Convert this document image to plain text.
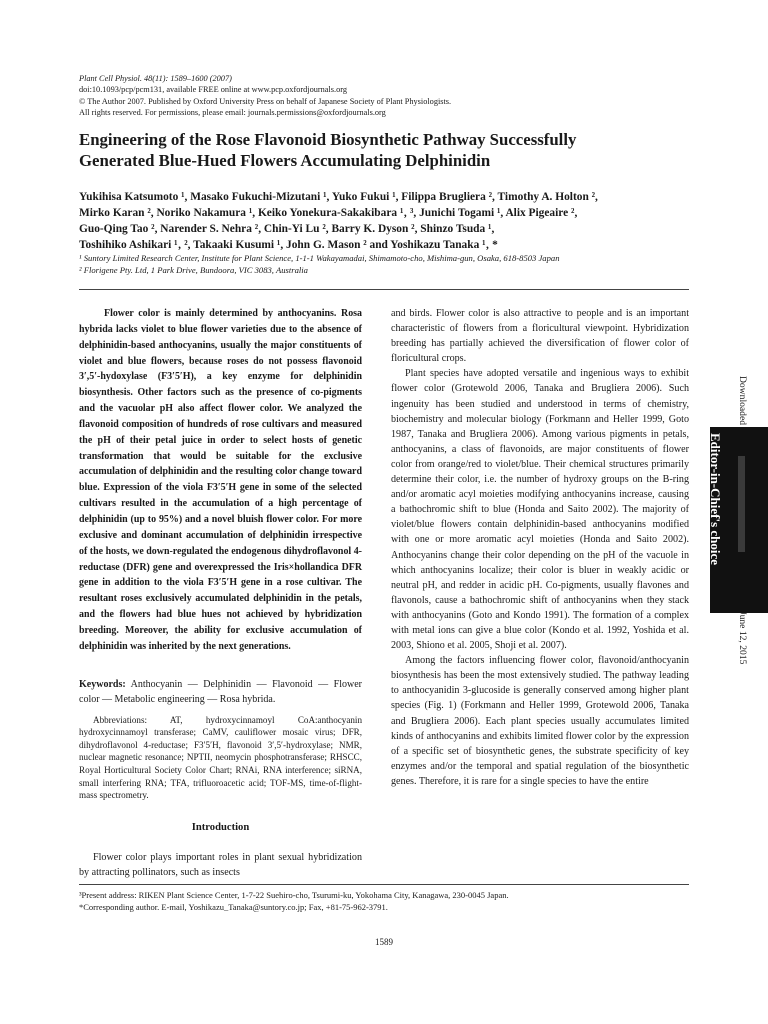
Plant Cell Physiol. 48(11): 1589–1600 (2007)
doi:10.1093/pcp/pcm131, available FREE online at www.pcp.oxfordjournals.org
© The Author 2007. Published by Oxford University Press on behalf of Japanese Society of Plant Physiologists.
All rights reserved. For permissions, please email: journals.permissions@oxfordjournals.org
Engineering of the Rose Flavonoid Biosynthetic Pathway Successfully
Generated Blue-Hued Flowers Accumulating Delphinidin
Yukihisa Katsumoto ¹, Masako Fukuchi-Mizutani ¹, Yuko Fukui ¹, Filippa Brugliera ², Timothy A. Holton ²,
Mirko Karan ², Noriko Nakamura ¹, Keiko Yonekura-Sakakibara ¹‚ ³, Junichi Togami ¹, Alix Pigeaire ²,
Guo-Qing Tao ², Narender S. Nehra ², Chin-Yi Lu ², Barry K. Dyson ², Shinzo Tsuda ¹,
Toshihiko Ashikari ¹‚ ², Takaaki Kusumi ¹, John G. Mason ² and Yoshikazu Tanaka ¹‚ *
¹ Suntory Limited Research Center, Institute for Plant Science, 1-1-1 Wakayamadai, Shimamoto-cho, Mishima-gun, Osaka, 618-8503 Japan
² Florigene Pty. Ltd, 1 Park Drive, Bundoora, VIC 3083, Australia

Flower color is mainly determined by anthocyanins. Rosa hybrida lacks violet to blue flower varieties due to the absence of delphinidin-based anthocyanins, usually the major constituents of violet and blue flowers, because roses do not possess flavonoid 3′,5′-hydoxylase (F3′5′H), a key enzyme for delphinidin biosynthesis. Other factors such as the presence of co-pigments and the vacuolar pH also affect flower color. We analyzed the flavonoid composition of hundreds of rose cultivars and measured the pH of their petal juice in order to select hosts of genetic transformation that would be suitable for the exclusive accumulation of delphinidin and the resulting color change toward blue. Expression of the viola F3′5′H gene in some of the selected cultivars resulted in the accumulation of a high percentage of delphinidin (up to 95%) and a novel bluish flower color. For more exclusive and dominant accumulation of delphinidin irrespective of the hosts, we down-regulated the endogenous dihydroflavonol 4-reductase (DFR) gene and overexpressed the Iris×hollandica DFR gene in addition to the viola F3′5′H gene in a rose cultivar. The resultant roses exclusively accumulated delphinidin in the petals, and the flowers had blue hues not achieved by hybridization breeding. Moreover, the ability for exclusive accumulation of delphinidin was inherited by the next generations.

Keywords: Anthocyanin — Delphinidin — Flavonoid — Flower color — Metabolic engineering — Rosa hybrida.

Abbreviations: AT, hydroxycinnamoyl CoA:anthocyanin hydroxycinnamoyl transferase; CaMV, cauliflower mosaic virus; DFR, dihydroflavonol 4-reductase; F3′5′H, flavonoid 3′,5′-hydroxylase; NMR, nuclear magnetic resonance; NPTII, neomycin phosphotransferase; RHSCC, Royal Horticultural Society Color Chart; RNAi, RNA interference; siRNA, small interfering RNA; TFA, trifluoroacetic acid; TOF-MS, time-of-flight-mass spectrometry.

Introduction

Flower color plays important roles in plant sexual hybridization by attracting pollinators, such as insects

and birds. Flower color is also attractive to people and is an important characteristic of flowers from a floricultural viewpoint. Hybridization breeding has partially achieved the diversification of flower color of floricultural crops.

Plant species have adopted versatile and ingenious ways to exhibit flower color (Grotewold 2006, Tanaka and Brugliera 2006). Such ingenuity has been studied and understood in terms of chemistry, biochemistry and molecular biology (Forkmann and Heller 1999, Goto 1987, Tanaka and Brugliera 2006). Among various pigments in petals, anthocyanins, a class of flavonoids, are major constituents of flower color from orange/red to violet/blue. Their chemical structures primarily determine their color, i.e. the number of hydroxy groups on the B-ring and/or aromatic acyl moieties modifying anthocyanins increase, causing a bathochromic shift to blue (Honda and Saito 2002). The majority of violet/blue flowers contain delphinidin-based anthocyanins modified with one or more aromatic acyl moieties (Honda and Saito 2002). Anthocyanins change their color depending on the pH of the vacuole in which anthocyanins localize; their color is bluer in weakly acidic or neutral pH, and redder in acidic pH. Co-pigments, usually flavones and flavonols, cause a bathochromic shift of anthocyanins when they stack with anthocyanins (Goto and Kondo 1991). The formation of a complex with metal ions can give a blue color (Kondo et al. 1992, Yoshida et al. 2003, Shiono et al. 2005, Shoji et al. 2007).

Among the factors influencing flower color, flavonoid/anthocyanin biosynthesis has been the most extensively studied. The pathway leading to anthocyanidin 3-glucoside is generally conserved among higher plant species (Fig. 1) (Forkmann and Heller 1999, Grotewold 2006, Tanaka and Brugliera 2006). Each plant species usually accumulates limited kinds of anthocyanins and exhibits limited flower color by the expression of a specific set of biosynthetic genes, the substrate specificity of key enzymes and/or the temporal and spatial regulation of the biosynthetic genes. Therefore, it is rare for a single species to have the entire

³Present address: RIKEN Plant Science Center, 1-7-22 Suehiro-cho, Tsurumi-ku, Yokohama City, Kanagawa, 230-0045 Japan.
*Corresponding author. E-mail, Yoshikazu_Tanaka@suntory.co.jp; Fax, +81-75-962-3791.
1589
Downloaded June 12, 2015
Editor-in-Chief's choice
